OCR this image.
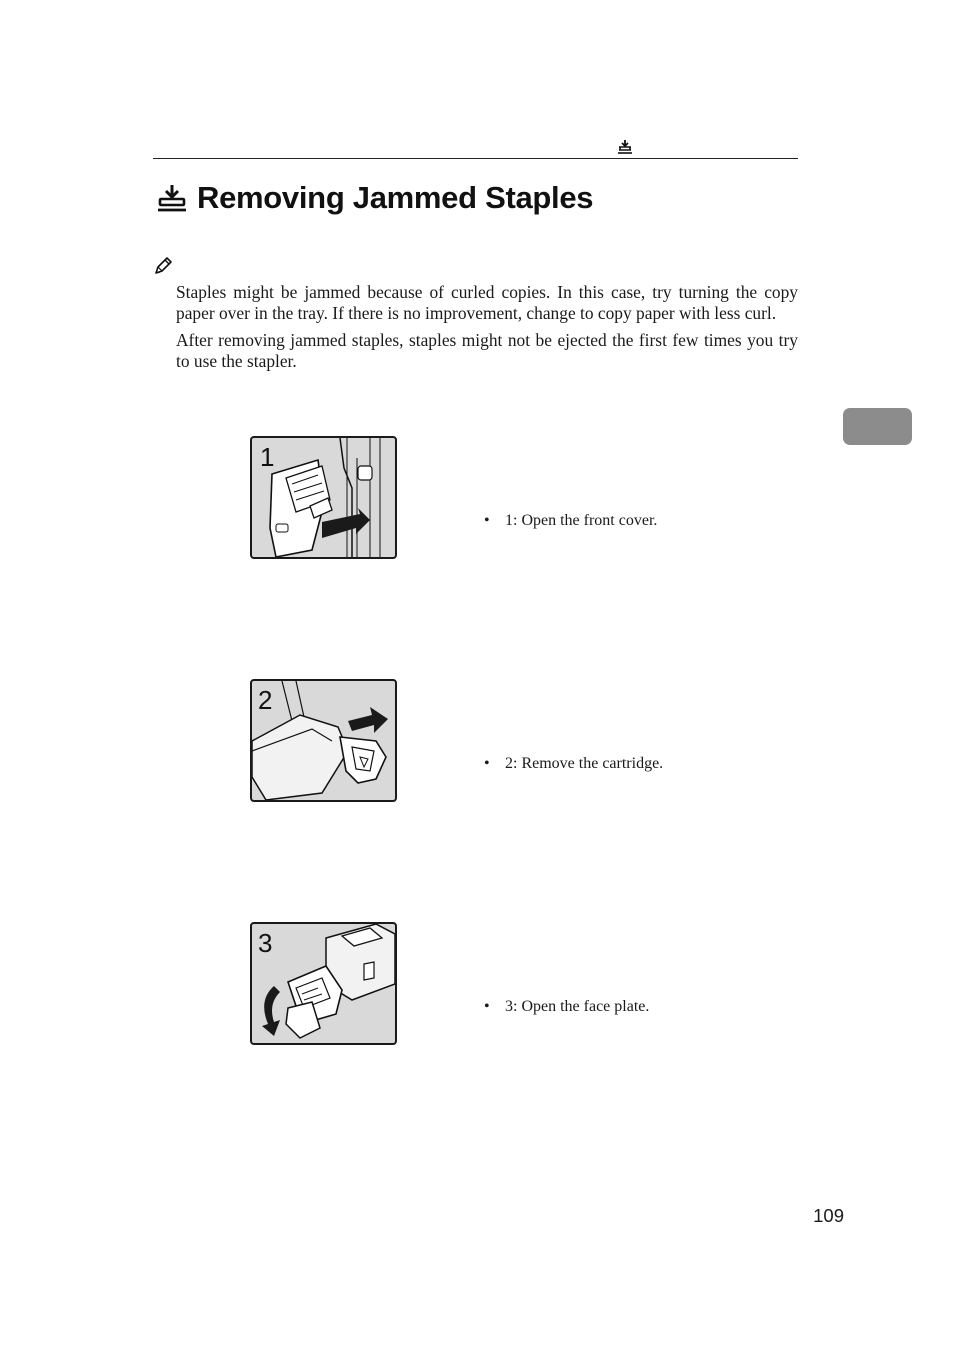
Removing Jammed Staples

Staples might be jammed because of curled copies. In this case, try turning the copy paper over in the tray. If there is no improvement, change to copy paper with less curl.

After removing jammed staples, staples might not be ejected the first few times you try to use the stapler.

1
• 1: Open the front cover.
2
• 2: Remove the cartridge.
3
• 3: Open the face plate.
109
